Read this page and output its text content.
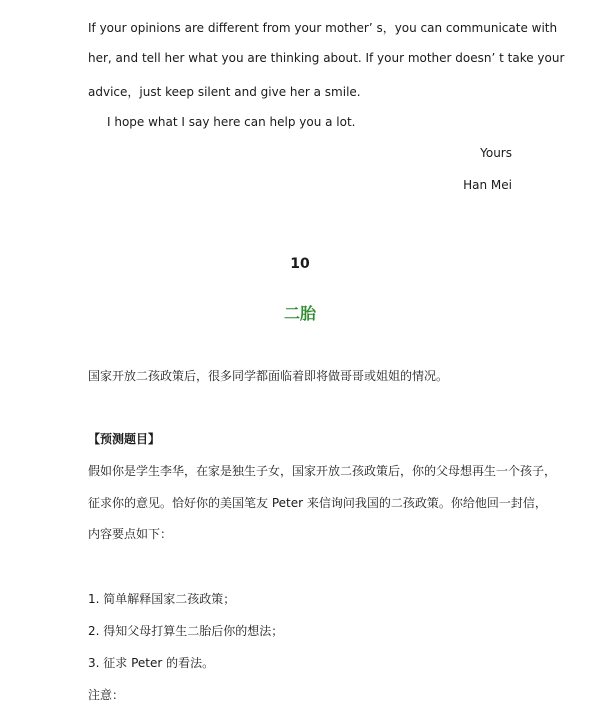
If your opinions are different from your mother’ s，you can communicate with
her, and tell her what you are thinking about. If your mother doesn’ t take your
advice，just keep silent and give her a smile.
I hope what I say here can help you a lot.
Yours
Han Mei
10
二胎
国家开放二孩政策后，很多同学都面临着即将做哥哥或姐姐的情况。
【预测题目】
假如你是学生李华，在家是独生子女，国家开放二孩政策后，你的父母想再生一个孩子，
征求你的意见。恰好你的美国笔友 Peter 来信询问我国的二孩政策。你给他回一封信，
内容要点如下：
1. 简单解释国家二孩政策；
2. 得知父母打算生二胎后你的想法；
3. 征求 Peter 的看法。
注意：
